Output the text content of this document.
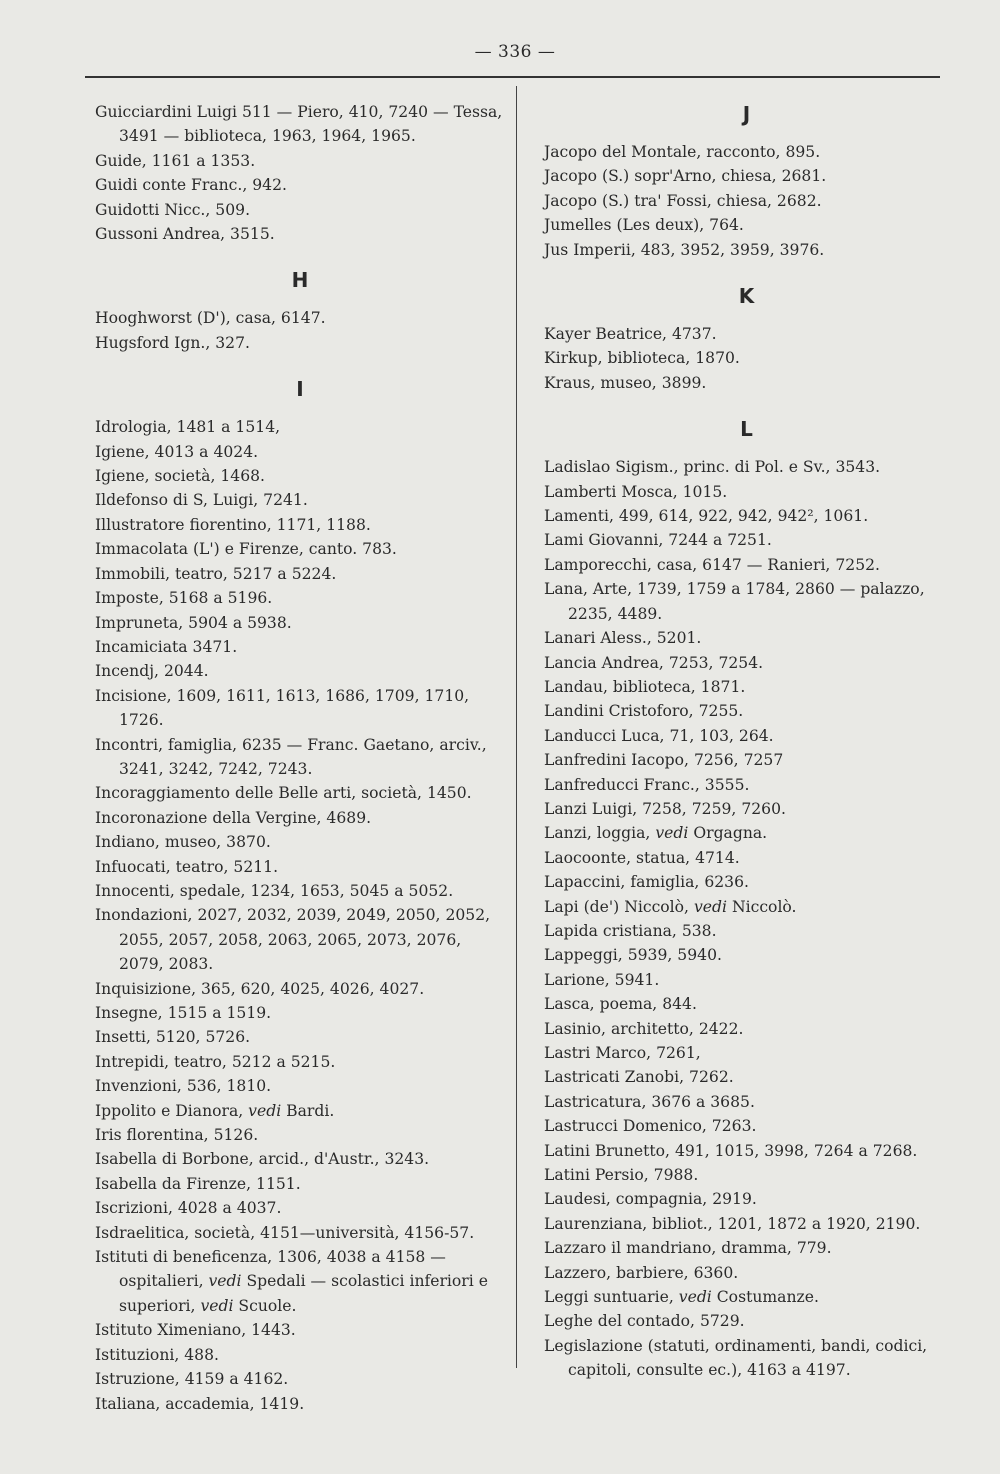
— 336 —
Guicciardini Luigi 511 — Piero, 410, 7240 — Tessa, 3491 — biblioteca, 1963, 1964, 1965.
Guide, 1161 a 1353.
Guidi conte Franc., 942.
Guidotti Nicc., 509.
Gussoni Andrea, 3515.
H
Hooghworst (D'), casa, 6147.
Hugsford Ign., 327.
I
Idrologia, 1481 a 1514,
Igiene, 4013 a 4024.
Igiene, società, 1468.
Ildefonso di S, Luigi, 7241.
Illustratore fiorentino, 1171, 1188.
Immacolata (L') e Firenze, canto. 783.
Immobili, teatro, 5217 a 5224.
Imposte, 5168 a 5196.
Impruneta, 5904 a 5938.
Incamiciata 3471.
Incendj, 2044.
Incisione, 1609, 1611, 1613, 1686, 1709, 1710, 1726.
Incontri, famiglia, 6235 — Franc. Gaetano, arciv., 3241, 3242, 7242, 7243.
Incoraggiamento delle Belle arti, società, 1450.
Incoronazione della Vergine, 4689.
Indiano, museo, 3870.
Infuocati, teatro, 5211.
Innocenti, spedale, 1234, 1653, 5045 a 5052.
Inondazioni, 2027, 2032, 2039, 2049, 2050, 2052, 2055, 2057, 2058, 2063, 2065, 2073, 2076, 2079, 2083.
Inquisizione, 365, 620, 4025, 4026, 4027.
Insegne, 1515 a 1519.
Insetti, 5120, 5726.
Intrepidi, teatro, 5212 a 5215.
Invenzioni, 536, 1810.
Ippolito e Dianora, vedi Bardi.
Iris florentina, 5126.
Isabella di Borbone, arcid., d'Austr., 3243.
Isabella da Firenze, 1151.
Iscrizioni, 4028 a 4037.
Isdraelitica, società, 4151—università, 4156-57.
Istituti di beneficenza, 1306, 4038 a 4158 — ospitalieri, vedi Spedali — scolastici inferiori e superiori, vedi Scuole.
Istituto Ximeniano, 1443.
Istituzioni, 488.
Istruzione, 4159 a 4162.
Italiana, accademia, 1419.
J
Jacopo del Montale, racconto, 895.
Jacopo (S.) sopr'Arno, chiesa, 2681.
Jacopo (S.) tra' Fossi, chiesa, 2682.
Jumelles (Les deux), 764.
Jus Imperii, 483, 3952, 3959, 3976.
K
Kayer Beatrice, 4737.
Kirkup, biblioteca, 1870.
Kraus, museo, 3899.
L
Ladislao Sigism., princ. di Pol. e Sv., 3543.
Lamberti Mosca, 1015.
Lamenti, 499, 614, 922, 942, 942², 1061.
Lami Giovanni, 7244 a 7251.
Lamporecchi, casa, 6147 — Ranieri, 7252.
Lana, Arte, 1739, 1759 a 1784, 2860 — palazzo, 2235, 4489.
Lanari Aless., 5201.
Lancia Andrea, 7253, 7254.
Landau, biblioteca, 1871.
Landini Cristoforo, 7255.
Landucci Luca, 71, 103, 264.
Lanfredini Iacopo, 7256, 7257
Lanfreducci Franc., 3555.
Lanzi Luigi, 7258, 7259, 7260.
Lanzi, loggia, vedi Orgagna.
Laocoonte, statua, 4714.
Lapaccini, famiglia, 6236.
Lapi (de') Niccolò, vedi Niccolò.
Lapida cristiana, 538.
Lappeggi, 5939, 5940.
Larione, 5941.
Lasca, poema, 844.
Lasinio, architetto, 2422.
Lastri Marco, 7261,
Lastricati Zanobi, 7262.
Lastricatura, 3676 a 3685.
Lastrucci Domenico, 7263.
Latini Brunetto, 491, 1015, 3998, 7264 a 7268.
Latini Persio, 7988.
Laudesi, compagnia, 2919.
Laurenziana, bibliot., 1201, 1872 a 1920, 2190.
Lazzaro il mandriano, dramma, 779.
Lazzero, barbiere, 6360.
Leggi suntuarie, vedi Costumanze.
Leghe del contado, 5729.
Legislazione (statuti, ordinamenti, bandi, codici, capitoli, consulte ec.), 4163 a 4197.
